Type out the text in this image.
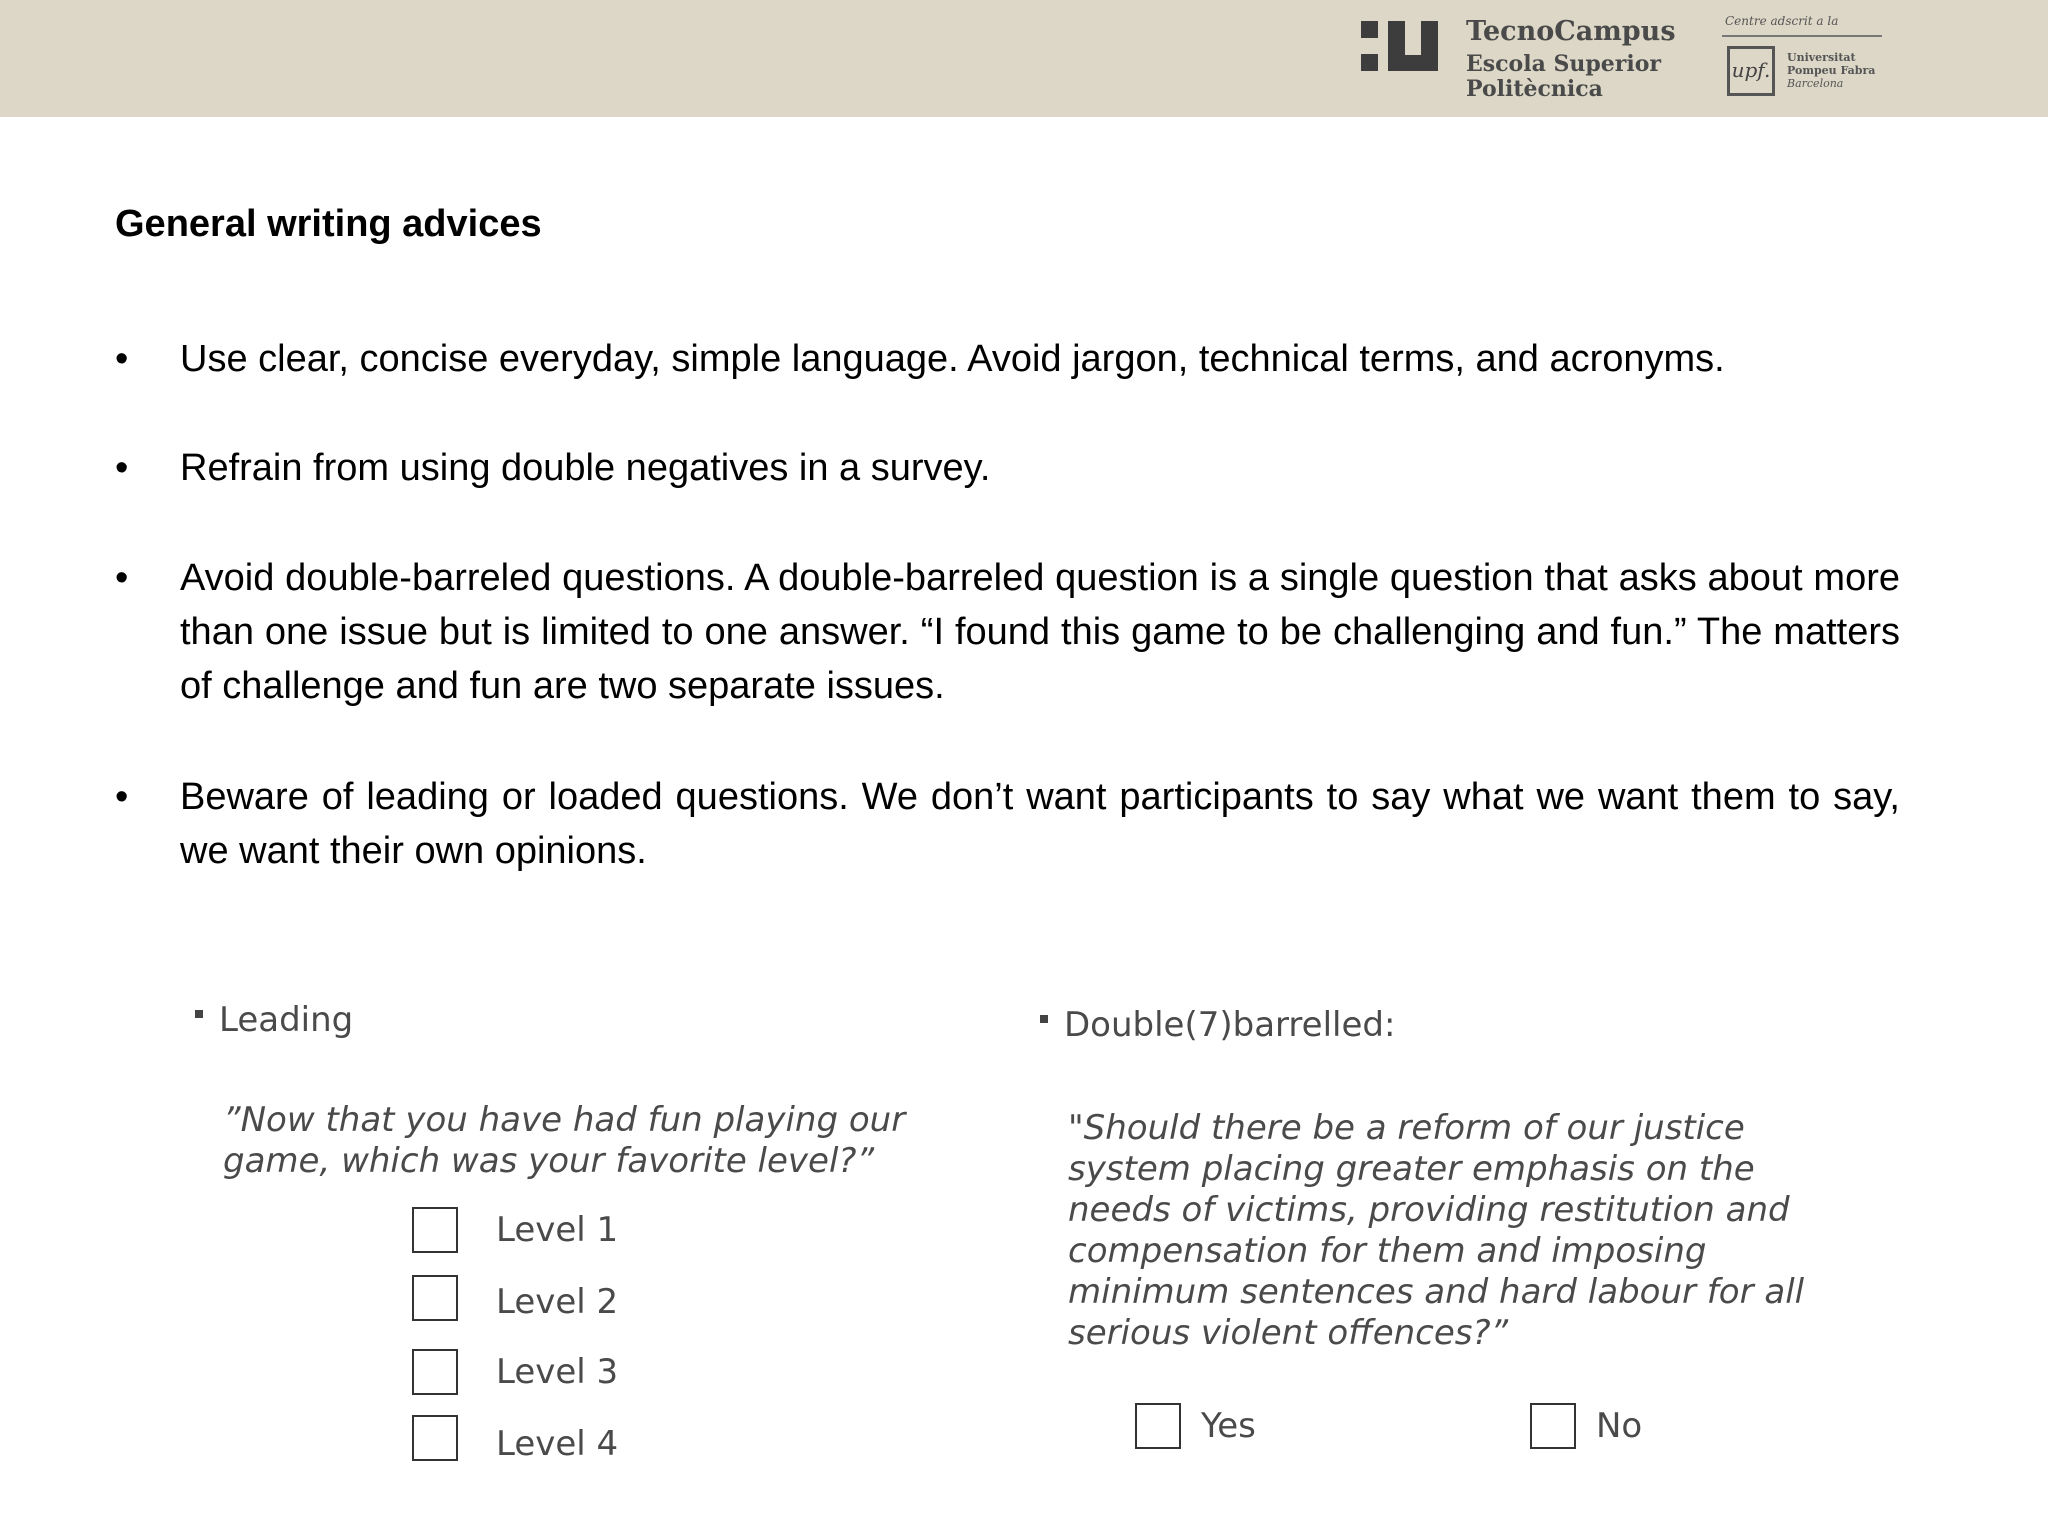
TecnoCampus
Escola Superior
Politècnica
Centre adscrit a la
upf.
Universitat
Pompeu Fabra
Barcelona
General writing advices
• Use clear, concise everyday, simple language. Avoid jargon, technical terms, and acronyms.
• Refrain from using double negatives in a survey.
• Avoid double-barreled questions. A double-barreled question is a single question that asks about more than one issue but is limited to one answer. “I found this game to be challenging and fun.” The matters of challenge and fun are two separate issues.
• Beware of leading or loaded questions. We don’t want participants to say what we want them to say, we want their own opinions.
Leading
”Now that you have had fun playing our
game, which was your favorite level?”
Level 1
Level 2
Level 3
Level 4
Double(7)barrelled:
"Should there be a reform of our justice
system placing greater emphasis on the
needs of victims, providing restitution and
compensation for them and imposing
minimum sentences and hard labour for all
serious violent offences?”
Yes	No
